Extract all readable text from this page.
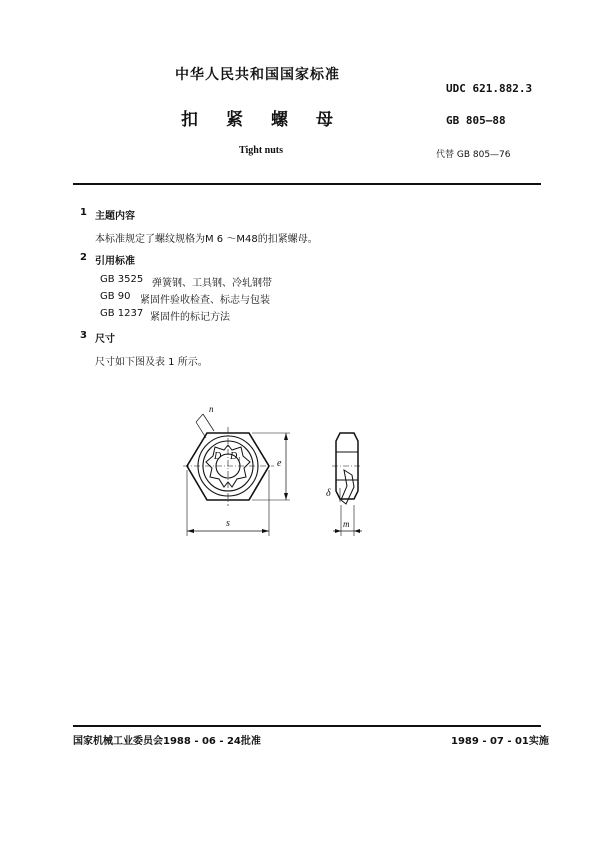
中华人民共和国国家标准
UDC 621.882.3
扣紧螺母	GB 805—88
Tight nuts	代替 GB 805—76
1 主题内容
本标准规定了螺纹规格为M 6 ～M48的扣紧螺母。
2 引用标准
GB 3525 弹簧钢、工具钢、冷轧钢带
GB 90 紧固件验收检查、标志与包装
GB 1237 紧固件的标记方法
3 尺寸
尺寸如下图及表 1 所示。
n
e
D D₁
s
δ
m
国家机械工业委员会1988 - 06 - 24批准	1989 - 07 - 01实施
